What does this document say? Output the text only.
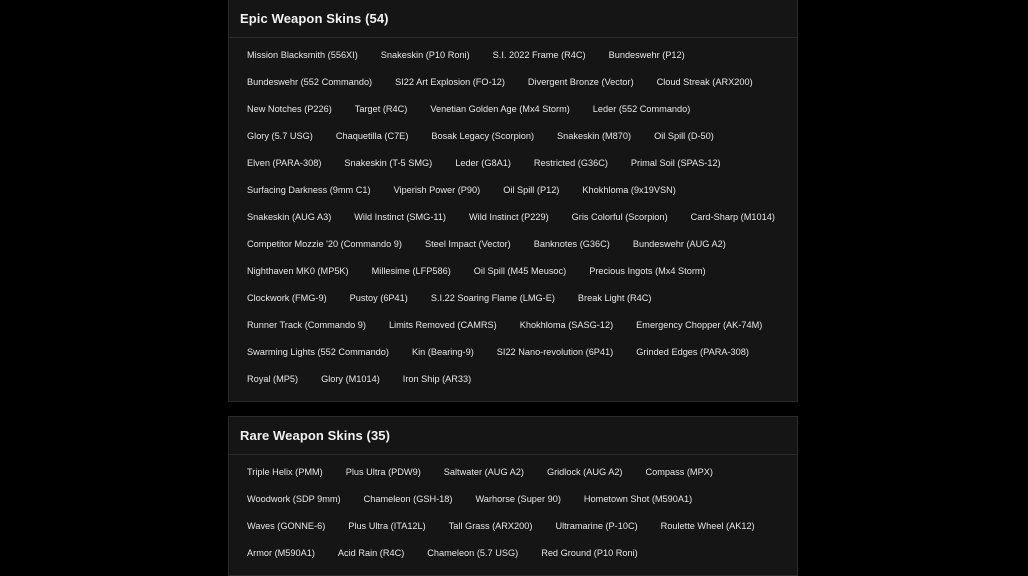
Epic Weapon Skins (54)
Mission Blacksmith (556XI)	Snakeskin (P10 Roni)	S.I. 2022 Frame (R4C)	Bundeswehr (P12)
Bundeswehr (552 Commando)	SI22 Art Explosion (FO-12)	Divergent Bronze (Vector)	Cloud Streak (ARX200)
New Notches (P226)	Target (R4C)	Venetian Golden Age (Mx4 Storm)	Leder (552 Commando)
Glory (5.7 USG)	Chaquetilla (C7E)	Bosak Legacy (Scorpion)	Snakeskin (M870)	Oil Spill (D-50)
Elven (PARA-308)	Snakeskin (T-5 SMG)	Leder (G8A1)	Restricted (G36C)	Primal Soil (SPAS-12)
Surfacing Darkness (9mm C1)	Viperish Power (P90)	Oil Spill (P12)	Khokhloma (9x19VSN)
Snakeskin (AUG A3)	Wild Instinct (SMG-11)	Wild Instinct (P229)	Gris Colorful (Scorpion)	Card-Sharp (M1014)
Competitor Mozzie '20 (Commando 9)	Steel Impact (Vector)	Banknotes (G36C)	Bundeswehr (AUG A2)
Nighthaven MK0 (MP5K)	Millesime (LFP586)	Oil Spill (M45 Meusoc)	Precious Ingots (Mx4 Storm)
Clockwork (FMG-9)	Pustoy (6P41)	S.I.22 Soaring Flame (LMG-E)	Break Light (R4C)
Runner Track (Commando 9)	Limits Removed (CAMRS)	Khokhloma (SASG-12)	Emergency Chopper (AK-74M)
Swarming Lights (552 Commando)	Kin (Bearing-9)	SI22 Nano-revolution (6P41)	Grinded Edges (PARA-308)
Royal (MP5)	Glory (M1014)	Iron Ship (AR33)
Rare Weapon Skins (35)
Triple Helix (PMM)	Plus Ultra (PDW9)	Saltwater (AUG A2)	Gridlock (AUG A2)	Compass (MPX)
Woodwork (SDP 9mm)	Chameleon (GSH-18)	Warhorse (Super 90)	Hometown Shot (M590A1)
Waves (GONNE-6)	Plus Ultra (ITA12L)	Tall Grass (ARX200)	Ultramarine (P-10C)	Roulette Wheel (AK12)
Armor (M590A1)	Acid Rain (R4C)	Chameleon (5.7 USG)	Red Ground (P10 Roni)
